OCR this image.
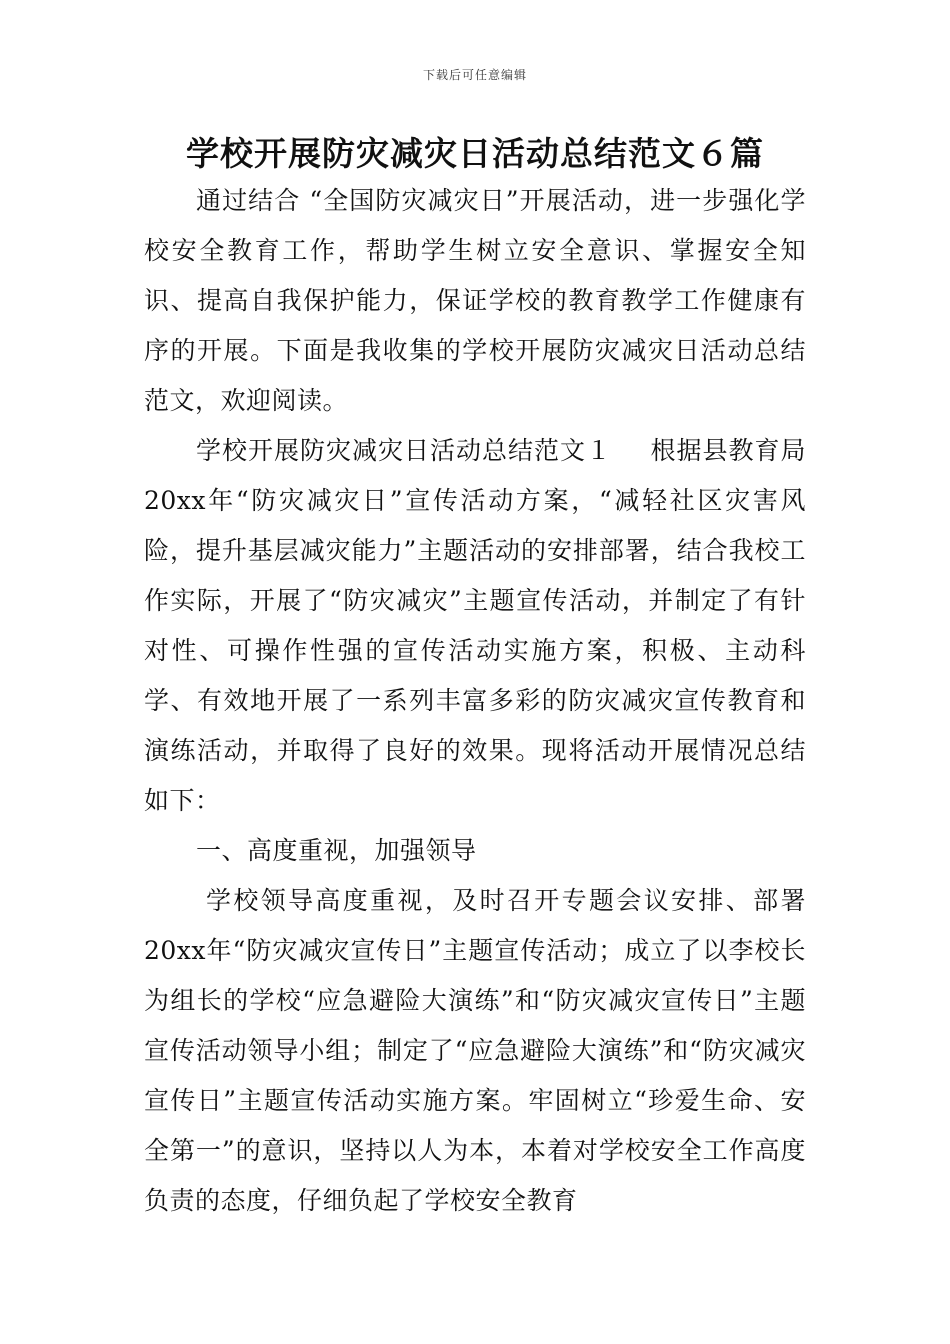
下载后可任意编辑
学校开展防灾减灾日活动总结范文６篇

通过结合 “全国防灾减灾日”开展活动，进一步强化学校安全教育工作，帮助学生树立安全意识、掌握安全知识、提高自我保护能力，保证学校的教育教学工作健康有序的开展。下面是我收集的学校开展防灾减灾日活动总结范文，欢迎阅读。

学校开展防灾减灾日活动总结范文１ 根据县教育局20xx年“防灾减灾日”宣传活动方案，“减轻社区灾害风险，提升基层减灾能力”主题活动的安排部署，结合我校工作实际，开展了“防灾减灾”主题宣传活动，并制定了有针对性、可操作性强的宣传活动实施方案，积极、主动科学、有效地开展了一系列丰富多彩的防灾减灾宣传教育和演练活动，并取得了良好的效果。现将活动开展情况总结如下：

一、高度重视，加强领导

学校领导高度重视，及时召开专题会议安排、部署20xx年“防灾减灾宣传日”主题宣传活动；成立了以李校长为组长的学校“应急避险大演练”和“防灾减灾宣传日”主题宣传活动领导小组；制定了“应急避险大演练”和“防灾减灾宣传日”主题宣传活动实施方案。牢固树立“珍爱生命、安全第一”的意识，坚持以人为本，本着对学校安全工作高度负责的态度，仔细负起了学校安全教育
